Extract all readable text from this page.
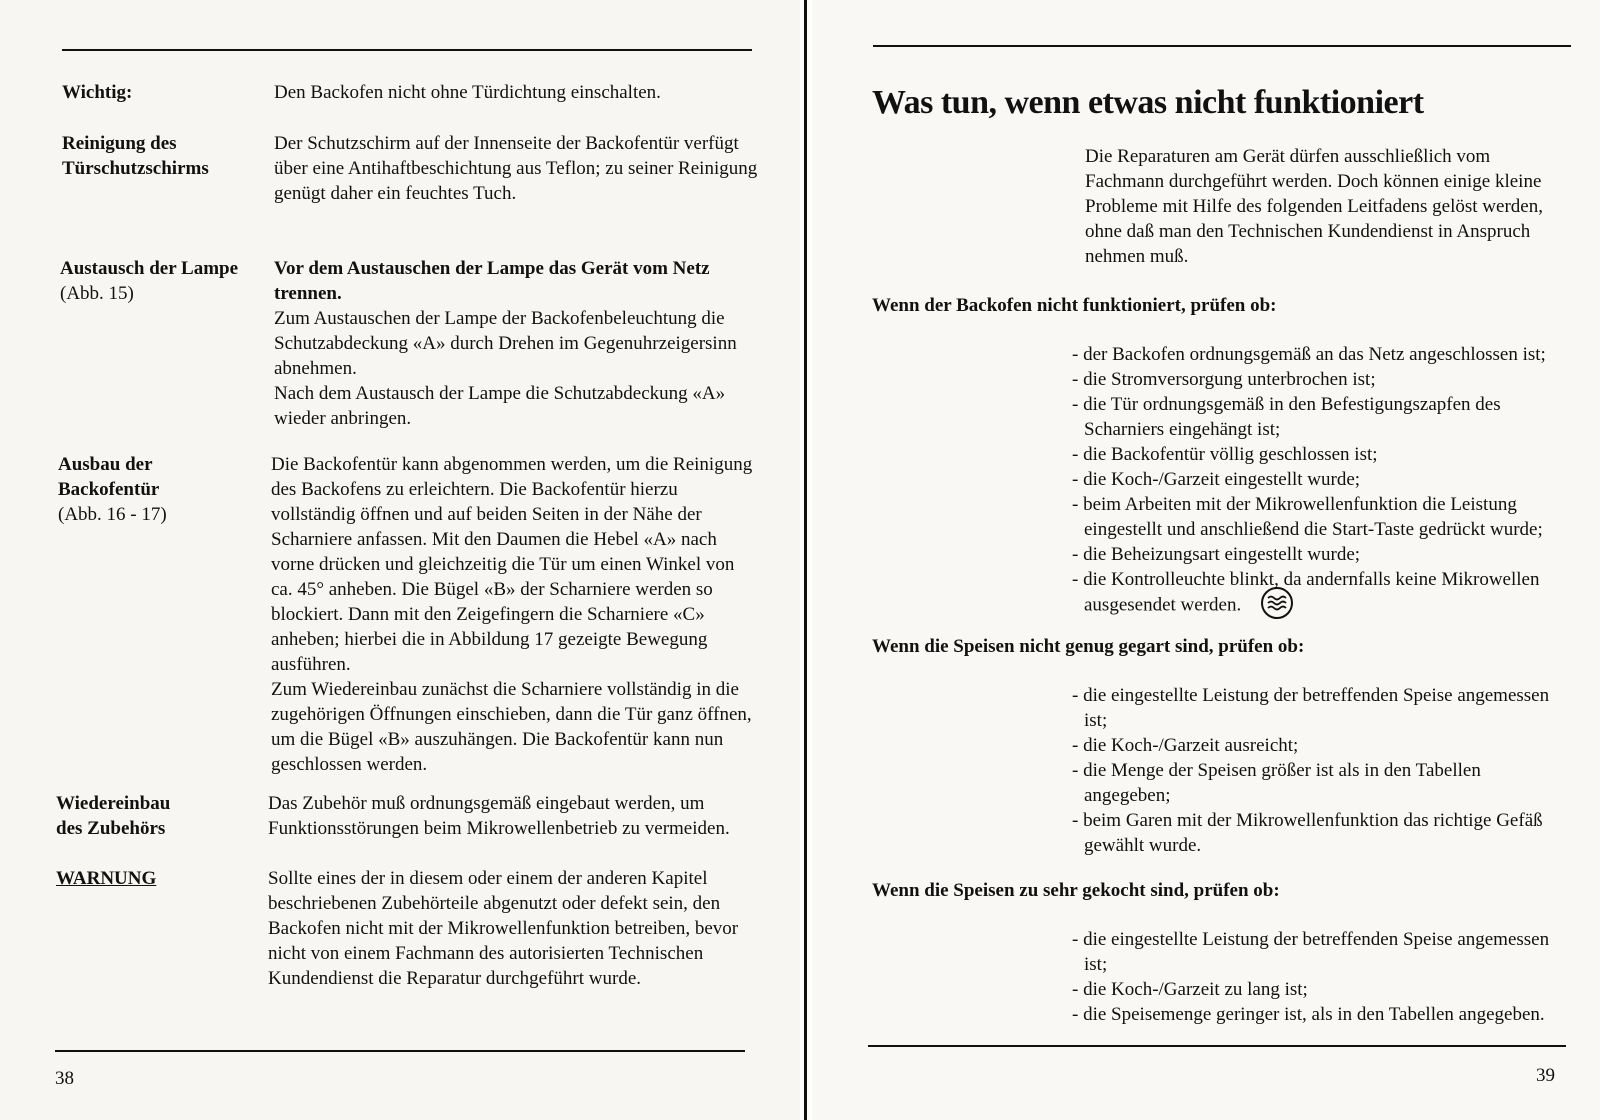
Wichtig:	Den Backofen nicht ohne Türdichtung einschalten.

Reinigung des Türschutzschirms

Der Schutzschirm auf der Innenseite der Backofentür verfügt über eine Antihaftbeschichtung aus Teflon; zu seiner Reinigung genügt daher ein feuchtes Tuch.

Austausch der Lampe
(Abb. 15)

Vor dem Austauschen der Lampe das Gerät vom Netz trennen.

Zum Austauschen der Lampe der Backofenbeleuchtung die Schutzabdeckung «A» durch Drehen im Gegenuhrzeigersinn abnehmen.

Nach dem Austausch der Lampe die Schutzabdeckung «A» wieder anbringen.

Ausbau der Backofentür
(Abb. 16 - 17)

Die Backofentür kann abgenommen werden, um die Reinigung des Backofens zu erleichtern. Die Backofentür hierzu vollständig öffnen und auf beiden Seiten in der Nähe der Scharniere anfassen. Mit den Daumen die Hebel «A» nach vorne drücken und gleichzeitig die Tür um einen Winkel von ca. 45° anheben. Die Bügel «B» der Scharniere werden so blockiert. Dann mit den Zeigefingern die Scharniere «C» anheben; hierbei die in Abbildung 17 gezeigte Bewegung ausführen.

Zum Wiedereinbau zunächst die Scharniere vollständig in die zugehörigen Öffnungen einschieben, dann die Tür ganz öffnen, um die Bügel «B» auszuhängen. Die Backofentür kann nun geschlossen werden.

Wiedereinbau des Zubehörs

Das Zubehör muß ordnungsgemäß eingebaut werden, um Funktionsstörungen beim Mikrowellenbetrieb zu vermeiden.

WARNUNG	Sollte eines der in diesem oder einem der anderen Kapitel beschriebenen Zubehörteile abgenutzt oder defekt sein, den Backofen nicht mit der Mikrowellenfunktion betreiben, bevor nicht von einem Fachmann des autorisierten Technischen Kundendienst die Reparatur durchgeführt wurde.

38
Was tun, wenn etwas nicht funktioniert

Die Reparaturen am Gerät dürfen ausschließlich vom Fachmann durchgeführt werden. Doch können einige kleine Probleme mit Hilfe des folgenden Leitfadens gelöst werden, ohne daß man den Technischen Kundendienst in Anspruch nehmen muß.

Wenn der Backofen nicht funktioniert, prüfen ob:

- der Backofen ordnungsgemäß an das Netz angeschlossen ist;
- die Stromversorgung unterbrochen ist;
- die Tür ordnungsgemäß in den Befestigungszapfen des Scharniers eingehängt ist;
- die Backofentür völlig geschlossen ist;
- die Koch-/Garzeit eingestellt wurde;
- beim Arbeiten mit der Mikrowellenfunktion die Leistung eingestellt und anschließend die Start-Taste gedrückt wurde;
- die Beheizungsart eingestellt wurde;
- die Kontrolleuchte blinkt, da andernfalls keine Mikrowellen ausgesendet werden.

Wenn die Speisen nicht genug gegart sind, prüfen ob:

- die eingestellte Leistung der betreffenden Speise angemessen ist;
- die Koch-/Garzeit ausreicht;
- die Menge der Speisen größer ist als in den Tabellen angegeben;
- beim Garen mit der Mikrowellenfunktion das richtige Gefäß gewählt wurde.

Wenn die Speisen zu sehr gekocht sind, prüfen ob:

- die eingestellte Leistung der betreffenden Speise angemessen ist;
- die Koch-/Garzeit zu lang ist;
- die Speisemenge geringer ist, als in den Tabellen angegeben.
39
